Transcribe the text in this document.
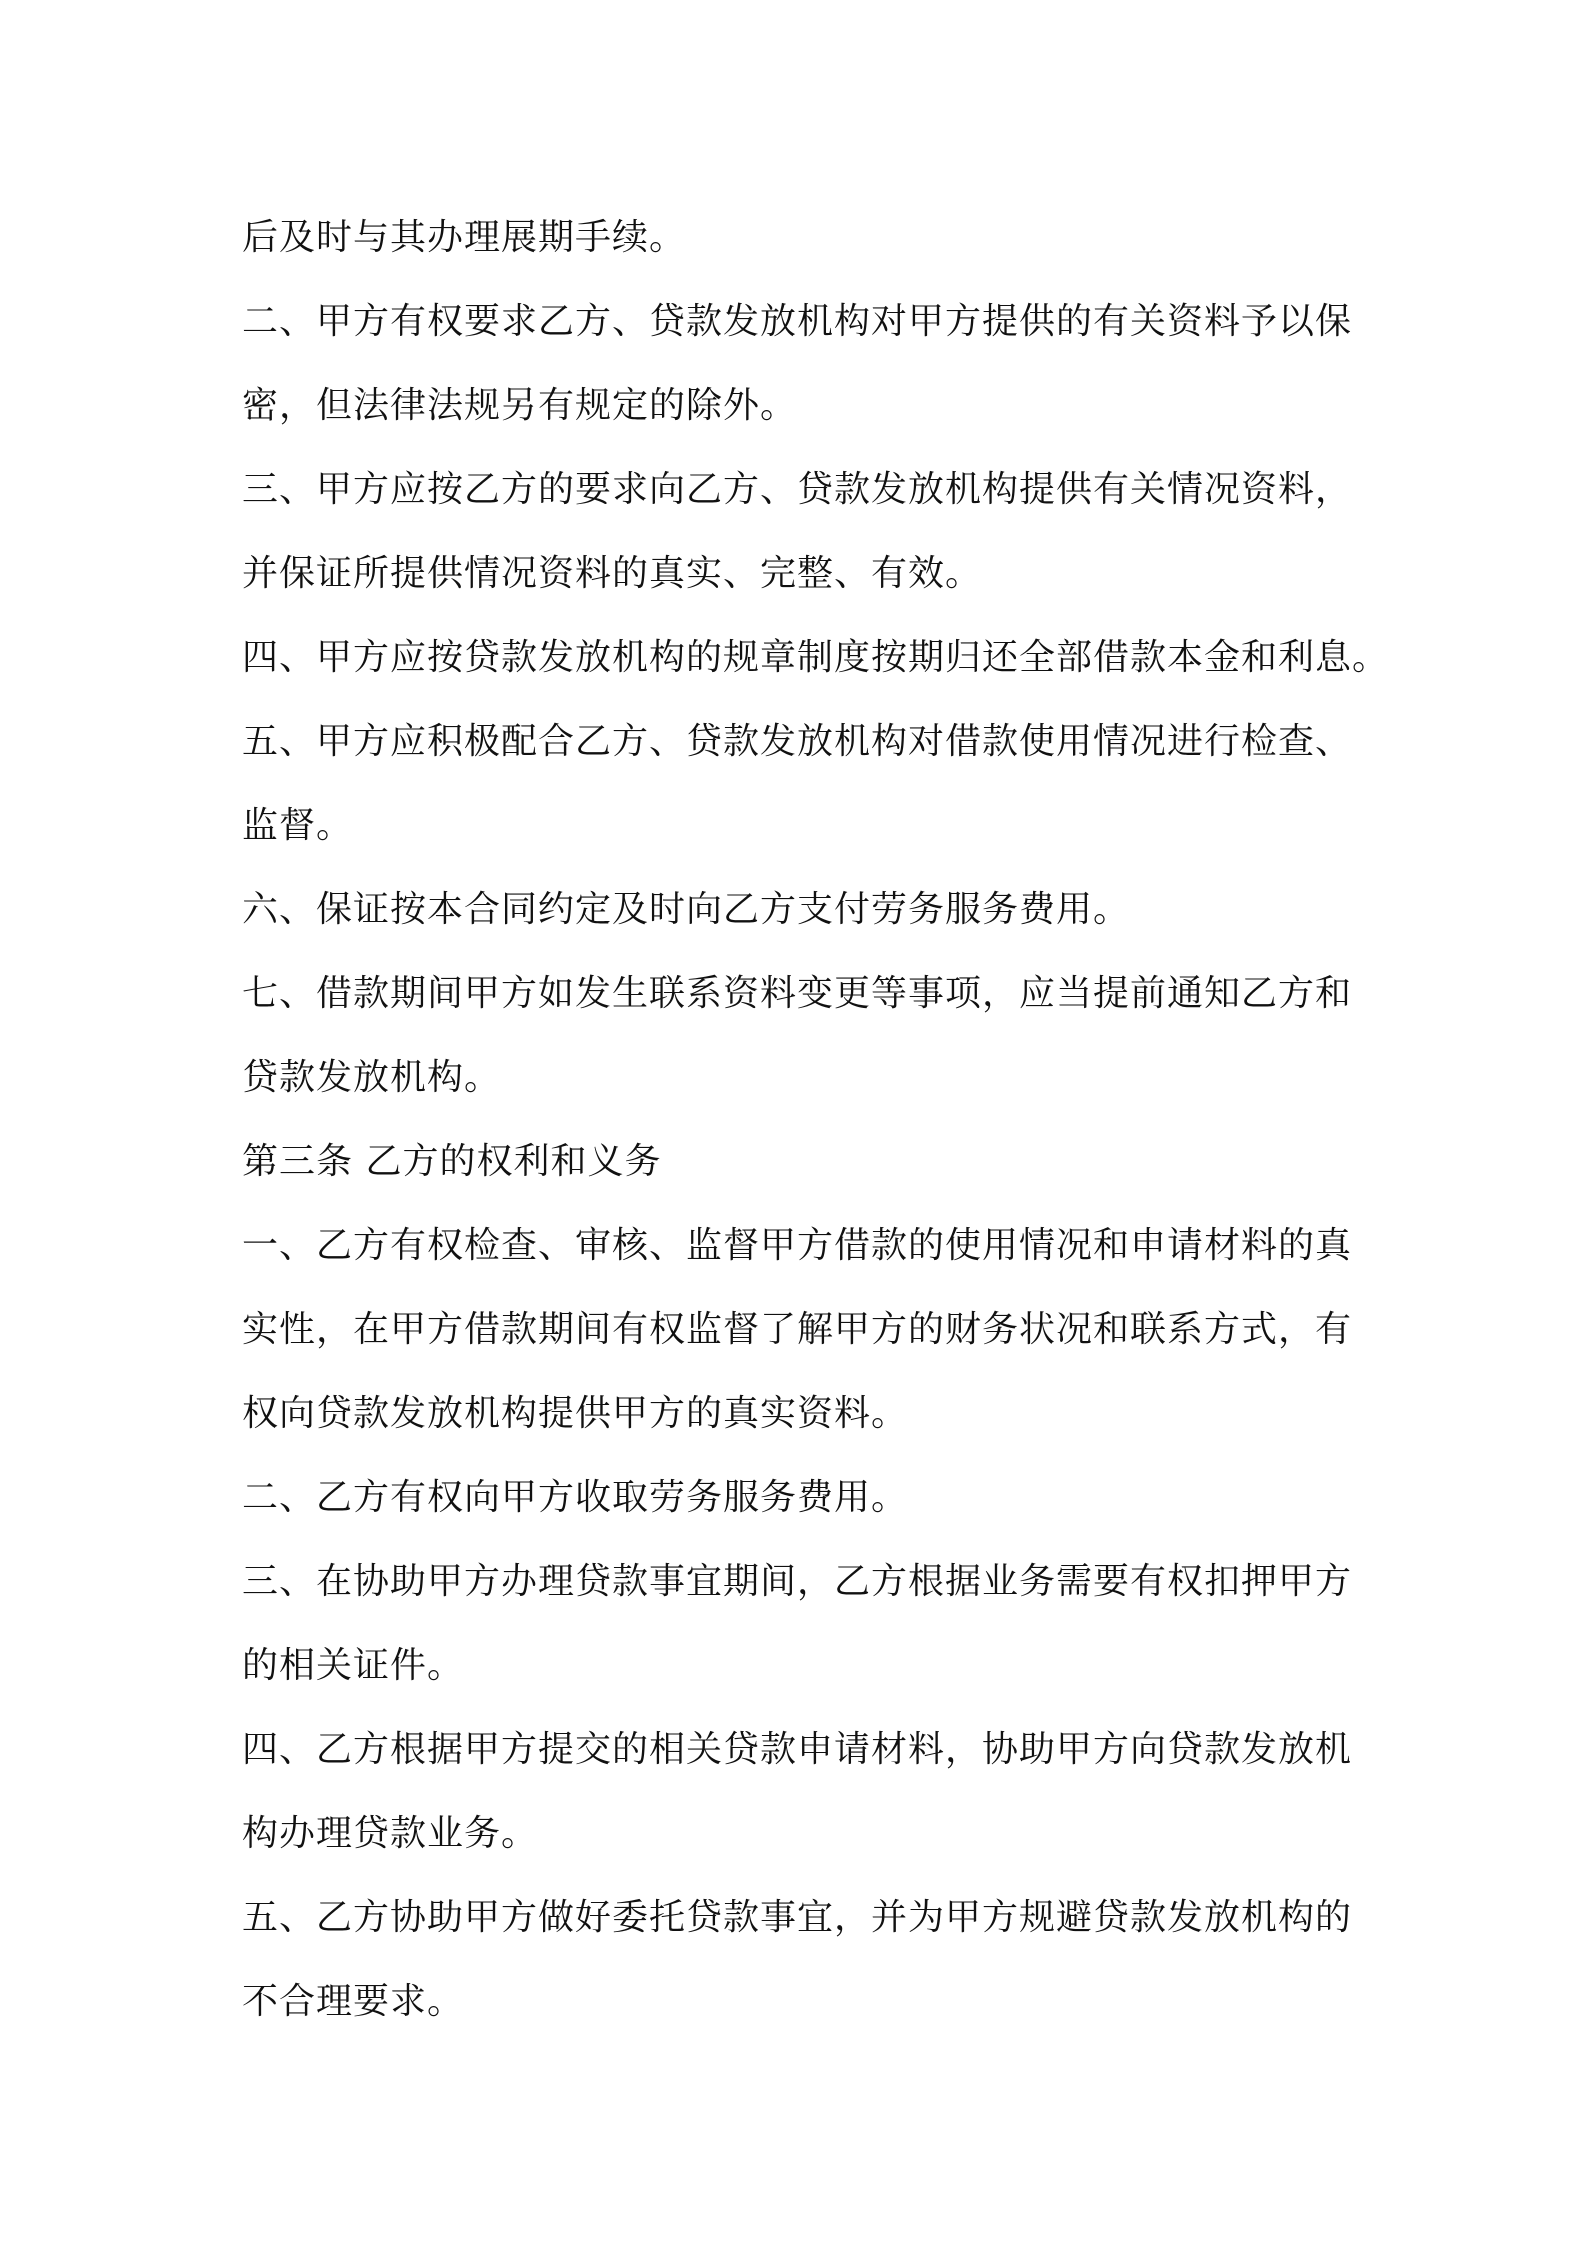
后及时与其办理展期手续。
二、甲方有权要求乙方、贷款发放机构对甲方提供的有关资料予以保
密，但法律法规另有规定的除外。
三、甲方应按乙方的要求向乙方、贷款发放机构提供有关情况资料，
并保证所提供情况资料的真实、完整、有效。
四、甲方应按贷款发放机构的规章制度按期归还全部借款本金和利息。
五、甲方应积极配合乙方、贷款发放机构对借款使用情况进行检查、
监督。
六、保证按本合同约定及时向乙方支付劳务服务费用。
七、借款期间甲方如发生联系资料变更等事项，应当提前通知乙方和
贷款发放机构。
第三条 乙方的权利和义务
一、乙方有权检查、审核、监督甲方借款的使用情况和申请材料的真
实性，在甲方借款期间有权监督了解甲方的财务状况和联系方式，有
权向贷款发放机构提供甲方的真实资料。
二、乙方有权向甲方收取劳务服务费用。
三、在协助甲方办理贷款事宜期间，乙方根据业务需要有权扣押甲方
的相关证件。
四、乙方根据甲方提交的相关贷款申请材料，协助甲方向贷款发放机
构办理贷款业务。
五、乙方协助甲方做好委托贷款事宜，并为甲方规避贷款发放机构的
不合理要求。
